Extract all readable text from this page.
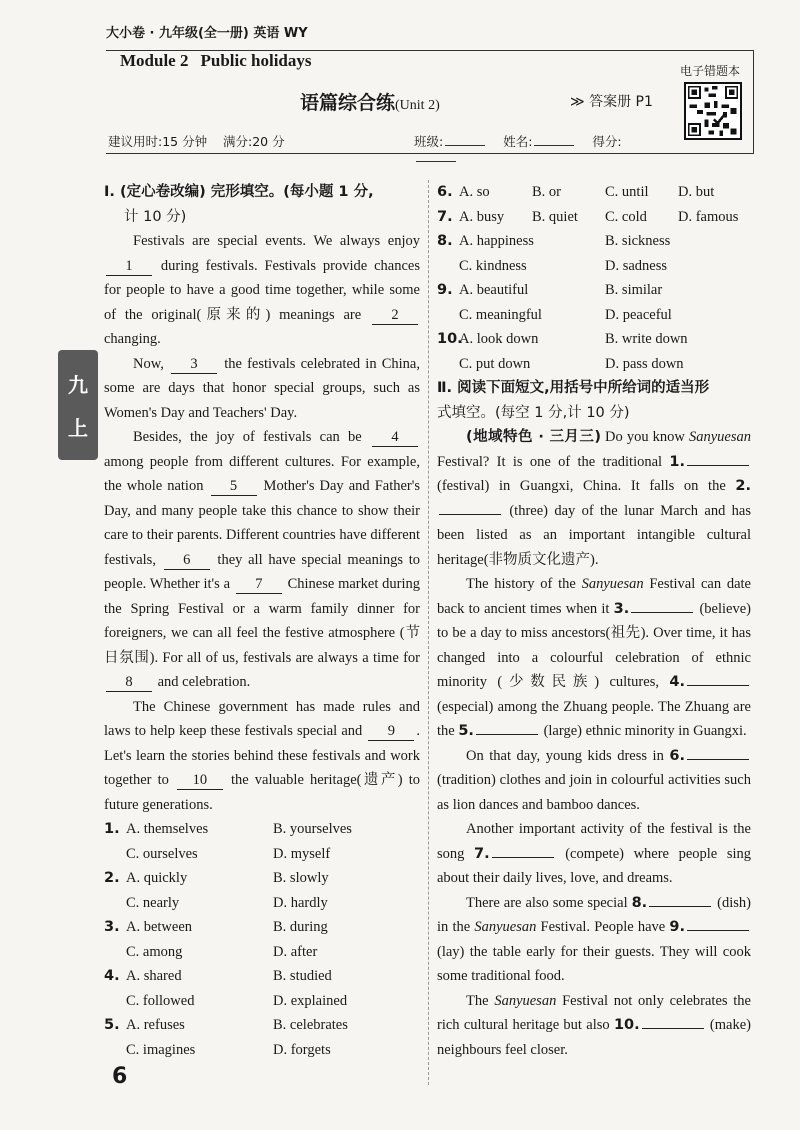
大小卷 · 九年级(全一册) 英语 WY
Module 2 Public holidays
语篇综合练(Unit 2)	≫ 答案册 P1
电子错题本
建议用时:15 分钟 满分:20 分	班级:	姓名:	得分:
九
上
Ⅰ. (定心卷改编) 完形填空。(每小题 1 分,
计 10 分)
Festivals are special events. We always enjoy 1 during festivals. Festivals provide chances for people to have a good time together, while some of the original(原来的) meanings are 2 changing.
Now, 3 the festivals celebrated in China, some are days that honor special groups, such as Women's Day and Teachers' Day.
Besides, the joy of festivals can be 4 among people from different cultures. For example, the whole nation 5 Mother's Day and Father's Day, and many people take this chance to show their care to their parents. Different countries have different festivals, 6 they all have special meanings to people. Whether it's a 7 Chinese market during the Spring Festival or a warm family dinner for foreigners, we can all feel the festive atmosphere (节日氛围). For all of us, festivals are always a time for 8 and celebration.
The Chinese government has made rules and laws to help keep these festivals special and 9 . Let's learn the stories behind these festivals and work together to 10 the valuable heritage(遗产) to future generations.
1. A. themselves	B. yourselves
C. ourselves	D. myself
2. A. quickly	B. slowly
C. nearly	D. hardly
3. A. between	B. during
C. among	D. after
4. A. shared	B. studied
C. followed	D. explained
5. A. refuses	B. celebrates
C. imagines	D. forgets
6. A. so	B. or	C. until	D. but
7. A. busy	B. quiet	C. cold	D. famous
8. A. happiness	B. sickness
C. kindness	D. sadness
9. A. beautiful	B. similar
C. meaningful	D. peaceful
10.
A. look down	B. write down
C. put down	D. pass down
Ⅱ. 阅读下面短文,用括号中所给词的适当形
式填空。(每空 1 分,计 10 分)
(地域特色 · 三月三) Do you know Sanyuesan Festival? It is one of the traditional 1. (festival) in Guangxi, China. It falls on the 2. (three) day of the lunar March and has been listed as an important intangible cultural heritage(非物质文化遗产).
The history of the Sanyuesan Festival can date back to ancient times when it 3.	(believe) to be a day to miss ancestors(祖先). Over time, it has changed into a colourful celebration of ethnic minority (少数民族) cultures, 4. (especial) among the Zhuang people. The Zhuang are the 5.	(large) ethnic minority in Guangxi.
On that day, young kids dress in 6. (tradition) clothes and join in colourful activities such as lion dances and bamboo dances.
Another important activity of the festival is the song 7.	(compete) where people sing about their daily lives, love, and dreams.
There are also some special 8.	(dish) in the Sanyuesan Festival. People have 9. (lay) the table early for their guests. They will cook some traditional food.
The Sanyuesan Festival not only celebrates the rich cultural heritage but also 10.	(make) neighbours feel closer.
6
